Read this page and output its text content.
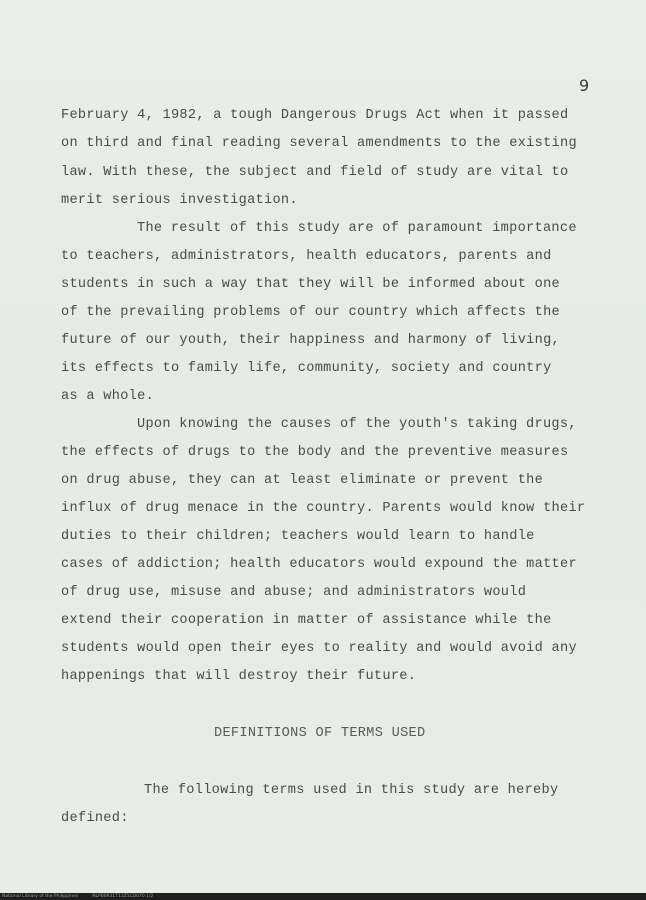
9
February 4, 1982, a tough Dangerous Drugs Act when it passed
on third and final reading several amendments to the existing
law. With these, the subject and field of study are vital to
merit serious investigation.
The result of this study are of paramount importance
to teachers, administrators, health educators, parents and
students in such a way that they will be informed about one
of the prevailing problems of our country which affects the
future of our youth, their happiness and harmony of living,
its effects to family life, community, society and country
as a whole.
Upon knowing the causes of the youth's taking drugs,
the effects of drugs to the body and the preventive measures
on drug abuse, they can at least eliminate or prevent the
influx of drug menace in the country. Parents would know their
duties to their children; teachers would learn to handle
cases of addiction; health educators would expound the matter
of drug use, misuse and abuse; and administrators would
extend their cooperation in matter of assistance while the
students would open their eyes to reality and would avoid any
happenings that will destroy their future.
DEFINITIONS OF TERMS USED
The following terms used in this study are hereby
defined:
National Library of the Philippines	NLP00931T11Z1CD070 1/2
